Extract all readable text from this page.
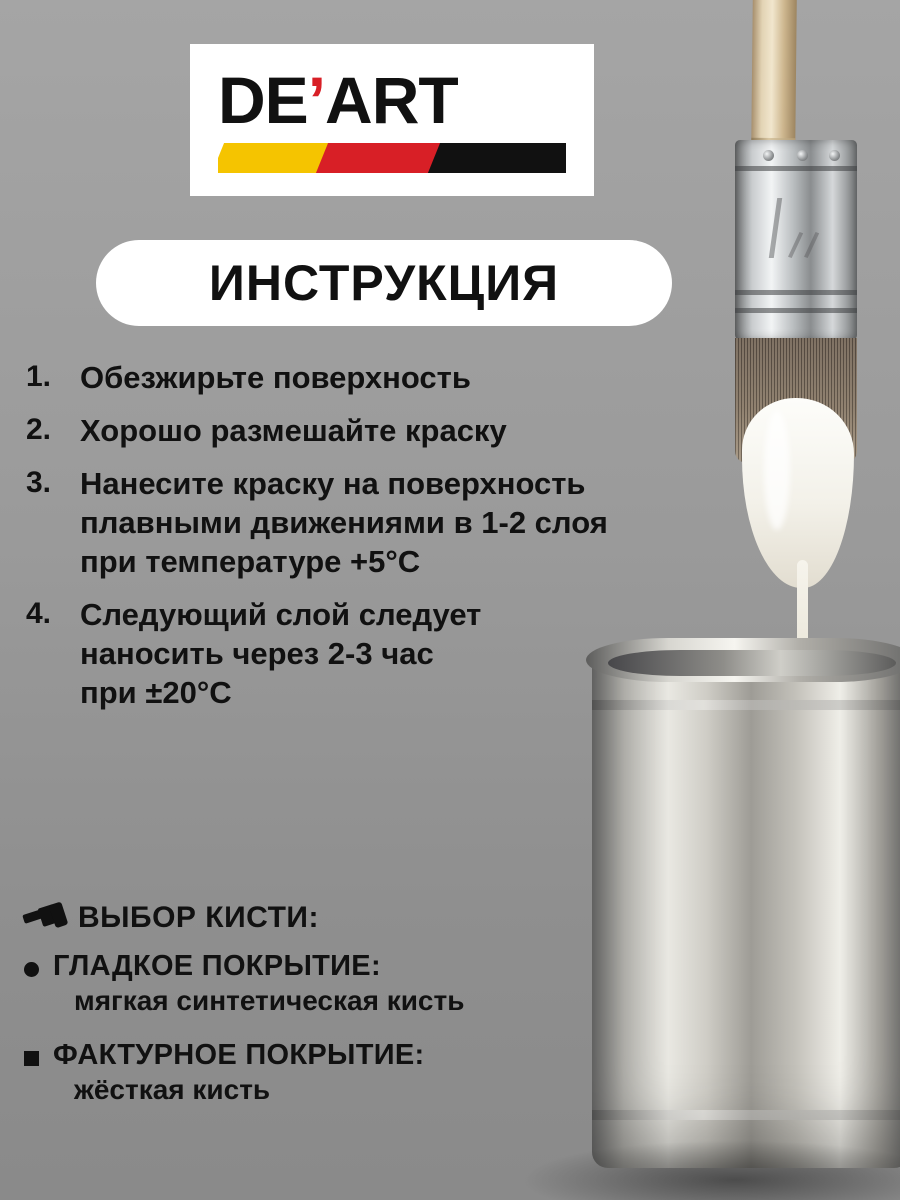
DE’ART
ИНСТРУКЦИЯ
1. Обезжирьте поверхность
2. Хорошо размешайте краску
3. Нанесите краску на поверхность
плавными движениями в 1-2 слоя
при температуре +5°C
4. Следующий слой следует
наносить через 2-3 час
при ±20°C
ВЫБОР КИСТИ:
ГЛАДКОЕ ПОКРЫТИЕ:
мягкая синтетическая кисть
ФАКТУРНОЕ ПОКРЫТИЕ:
жёсткая кисть
